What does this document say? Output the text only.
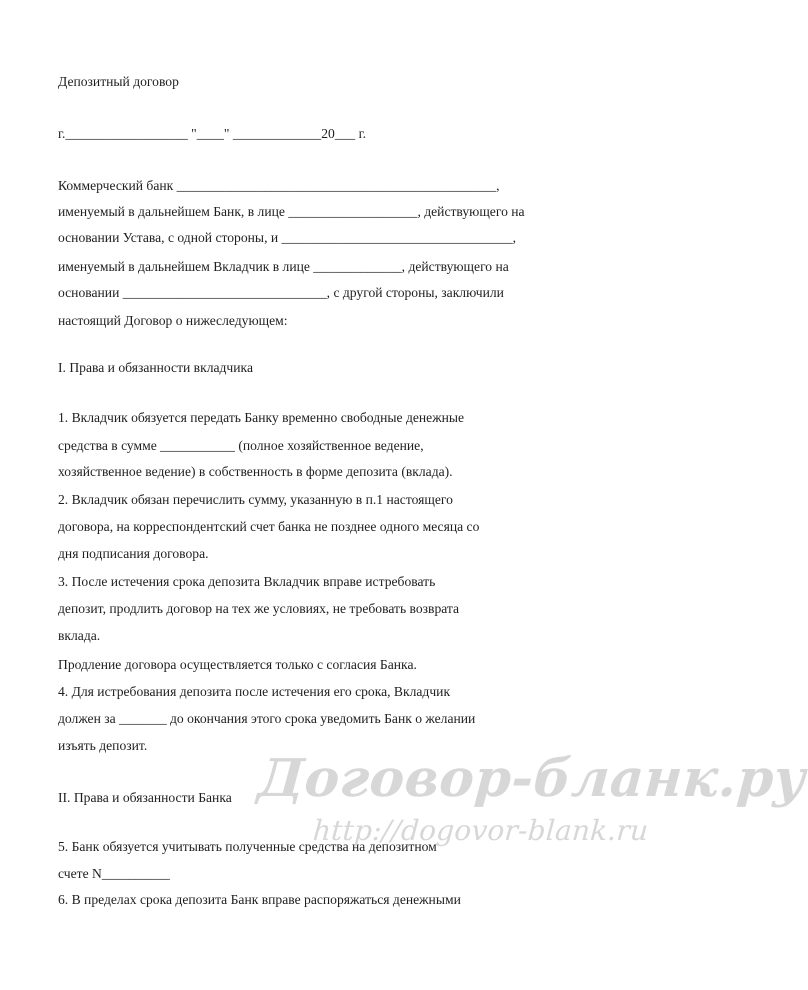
Депозитный договор
г.__________________ "____" _____________20___ г.
Коммерческий банк _______________________________________________,
именуемый в дальнейшем Банк, в лице ___________________, действующего на
основании Устава, с одной стороны, и __________________________________,
именуемый в дальнейшем Вкладчик в лице _____________, действующего на
основании ______________________________, с другой стороны, заключили
настоящий Договор о нижеследующем:
I. Права и обязанности вкладчика
1. Вкладчик обязуется передать Банку временно свободные денежные
средства в сумме ___________ (полное хозяйственное ведение,
хозяйственное ведение) в собственность в форме депозита (вклада).
2. Вкладчик обязан перечислить сумму, указанную в п.1 настоящего
договора, на корреспондентский счет банка не позднее одного месяца со
дня подписания договора.
3. После истечения срока депозита Вкладчик вправе истребовать
депозит, продлить договор на тех же условиях, не требовать возврата
вклада.
Продление договора осуществляется только с согласия Банка.
4. Для истребования депозита после истечения его срока, Вкладчик
должен за _______ до окончания этого срока уведомить Банк о желании
изъять депозит.
II. Права и обязанности Банка
5. Банк обязуется учитывать полученные средства на депозитном
счете N__________
6. В пределах срока депозита Банк вправе распоряжаться денежными
Договор-бланк.ру
http://dogovor-blank.ru
